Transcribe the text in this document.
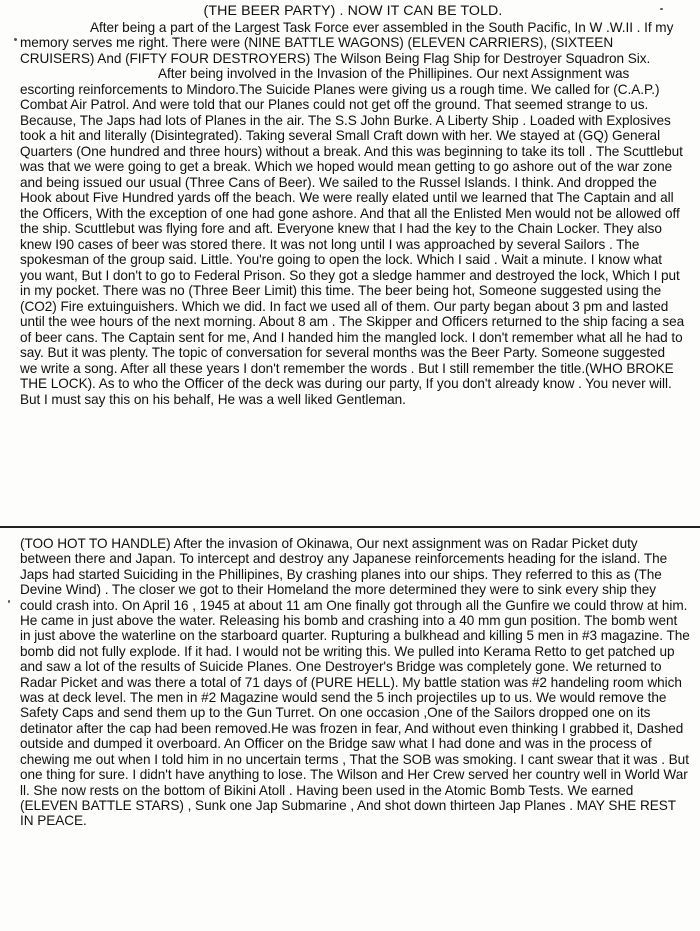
(THE BEER PARTY) . NOW IT CAN BE TOLD.

After being a part of the Largest Task Force ever assembled in the South Pacific, In W .W.II . If my memory serves me right. There were (NINE BATTLE WAGONS) (ELEVEN CARRIERS), (SIXTEEN CRUISERS) And (FIFTY FOUR DESTROYERS) The Wilson Being Flag Ship for Destroyer Squadron Six.

After being involved in the Invasion of the Phillipines. Our next Assignment was escorting reinforcements to Mindoro.The Suicide Planes were giving us a rough time. We called for (C.A.P.) Combat Air Patrol. And were told that our Planes could not get off the ground. That seemed strange to us. Because, The Japs had lots of Planes in the air. The S.S John Burke. A Liberty Ship . Loaded with Explosives took a hit and literally (Disintegrated). Taking several Small Craft down with her. We stayed at (GQ) General Quarters (One hundred and three hours) without a break. And this was beginning to take its toll . The Scuttlebut was that we were going to get a break. Which we hoped would mean getting to go ashore out of the war zone and being issued our usual (Three Cans of Beer). We sailed to the Russel Islands. I think. And dropped the Hook about Five Hundred yards off the beach. We were really elated until we learned that The Captain and all the Officers, With the exception of one had gone ashore. And that all the Enlisted Men would not be allowed off the ship. Scuttlebut was flying fore and aft. Everyone knew that I had the key to the Chain Locker. They also knew I90 cases of beer was stored there. It was not long until I was approached by several Sailors . The spokesman of the group said. Little. You're going to open the lock. Which I said . Wait a minute. I know what you want, But I don't to go to Federal Prison. So they got a sledge hammer and destroyed the lock, Which I put in my pocket. There was no (Three Beer Limit) this time. The beer being hot, Someone suggested using the (CO2) Fire extuinguishers. Which we did. In fact we used all of them. Our party began about 3 pm and lasted until the wee hours of the next morning. About 8 am . The Skipper and Officers returned to the ship facing a sea of beer cans. The Captain sent for me, And I handed him the mangled lock. I don't remember what all he had to say. But it was plenty. The topic of conversation for several months was the Beer Party. Someone suggested we write a song. After all these years I don't remember the words . But I still remember the title.(WHO BROKE THE LOCK). As to who the Officer of the deck was during our party, If you don't already know . You never will. But I must say this on his behalf, He was a well liked Gentleman.

(TOO HOT TO HANDLE) After the invasion of Okinawa, Our next assignment was on Radar Picket duty between there and Japan. To intercept and destroy any Japanese reinforcements heading for the island. The Japs had started Suiciding in the Phillipines, By crashing planes into our ships. They referred to this as (The Devine Wind) . The closer we got to their Homeland the more determined they were to sink every ship they could crash into. On April 16 , 1945 at about 11 am One finally got through all the Gunfire we could throw at him. He came in just above the water. Releasing his bomb and crashing into a 40 mm gun position. The bomb went in just above the waterline on the starboard quarter. Rupturing a bulkhead and killing 5 men in #3 magazine. The bomb did not fully explode. If it had. I would not be writing this. We pulled into Kerama Retto to get patched up and saw a lot of the results of Suicide Planes. One Destroyer's Bridge was completely gone. We returned to Radar Picket and was there a total of 71 days of (PURE HELL). My battle station was #2 handeling room which was at deck level. The men in #2 Magazine would send the 5 inch projectiles up to us. We would remove the Safety Caps and send them up to the Gun Turret. On one occasion ,One of the Sailors dropped one on its detinator after the cap had been removed.He was frozen in fear, And without even thinking I grabbed it, Dashed outside and dumped it overboard. An Officer on the Bridge saw what I had done and was in the process of chewing me out when I told him in no uncertain terms , That the SOB was smoking. I cant swear that it was . But one thing for sure. I didn't have anything to lose. The Wilson and Her Crew served her country well in World War ll. She now rests on the bottom of Bikini Atoll . Having been used in the Atomic Bomb Tests. We earned (ELEVEN BATTLE STARS) , Sunk one Jap Submarine , And shot down thirteen Jap Planes . MAY SHE REST IN PEACE.
